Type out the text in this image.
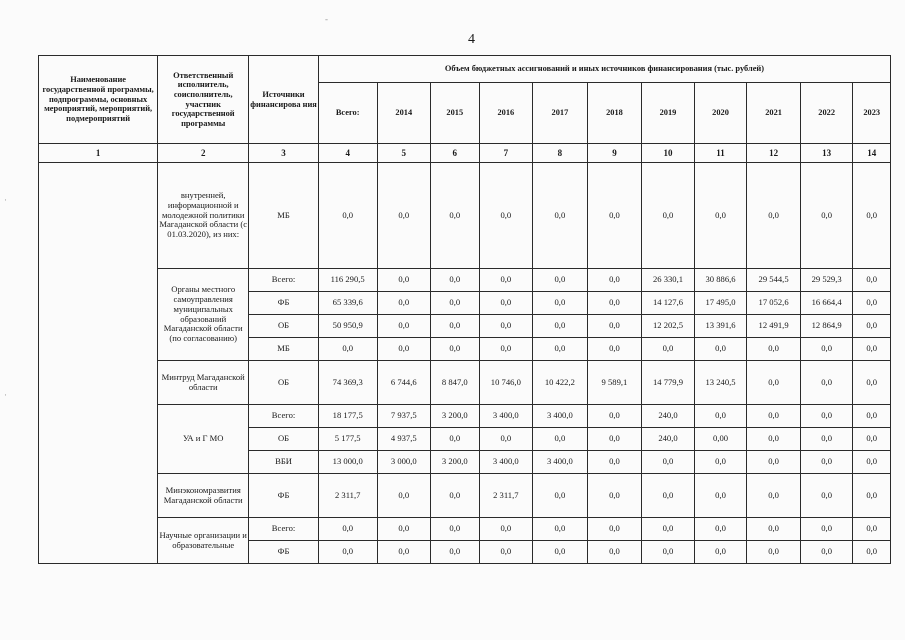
4
-
·
·
Наименование государственной программы, подпрограммы, основных мероприятий, мероприятий, подмероприятий	Ответственный исполнитель, соисполнитель, участник государственной программы	Источники финансирова ния	Объем бюджетных ассигнований и иных источников финансирования (тыс. рублей)										
			Всего:	2014	2015	2016	2017	2018	2019	2020	2021	2022	2023
1	2	3	4	5	6	7	8	9	10	11	12	13	14
	внутренней, информационной и молодежной политики Магаданской области (с 01.03.2020), из них:	МБ	0,0	0,0	0,0	0,0	0,0	0,0	0,0	0,0	0,0	0,0	0,0
	Органы местного самоуправления муниципальных образований Магаданской области (по согласованию)	Всего:	116 290,5	0,0	0,0	0,0	0,0	0,0	26 330,1	30 886,6	29 544,5	29 529,3	0,0
		ФБ	65 339,6	0,0	0,0	0,0	0,0	0,0	14 127,6	17 495,0	17 052,6	16 664,4	0,0
		ОБ	50 950,9	0,0	0,0	0,0	0,0	0,0	12 202,5	13 391,6	12 491,9	12 864,9	0,0
		МБ	0,0	0,0	0,0	0,0	0,0	0,0	0,0	0,0	0,0	0,0	0,0
	Минтруд Магаданской области	ОБ	74 369,3	6 744,6	8 847,0	10 746,0	10 422,2	9 589,1	14 779,9	13 240,5	0,0	0,0	0,0
	УА и Г МО	Всего:	18 177,5	7 937,5	3 200,0	3 400,0	3 400,0	0,0	240,0	0,0	0,0	0,0	0,0
		ОБ	5 177,5	4 937,5	0,0	0,0	0,0	0,0	240,0	0,00	0,0	0,0	0,0
		ВБИ	13 000,0	3 000,0	3 200,0	3 400,0	3 400,0	0,0	0,0	0,0	0,0	0,0	0,0
	Минэкономразвития Магаданской области	ФБ	2 311,7	0,0	0,0	2 311,7	0,0	0,0	0,0	0,0	0,0	0,0	0,0
	Научные организации и образовательные	Всего:	0,0	0,0	0,0	0,0	0,0	0,0	0,0	0,0	0,0	0,0	0,0
		ФБ	0,0	0,0	0,0	0,0	0,0	0,0	0,0	0,0	0,0	0,0	0,0
